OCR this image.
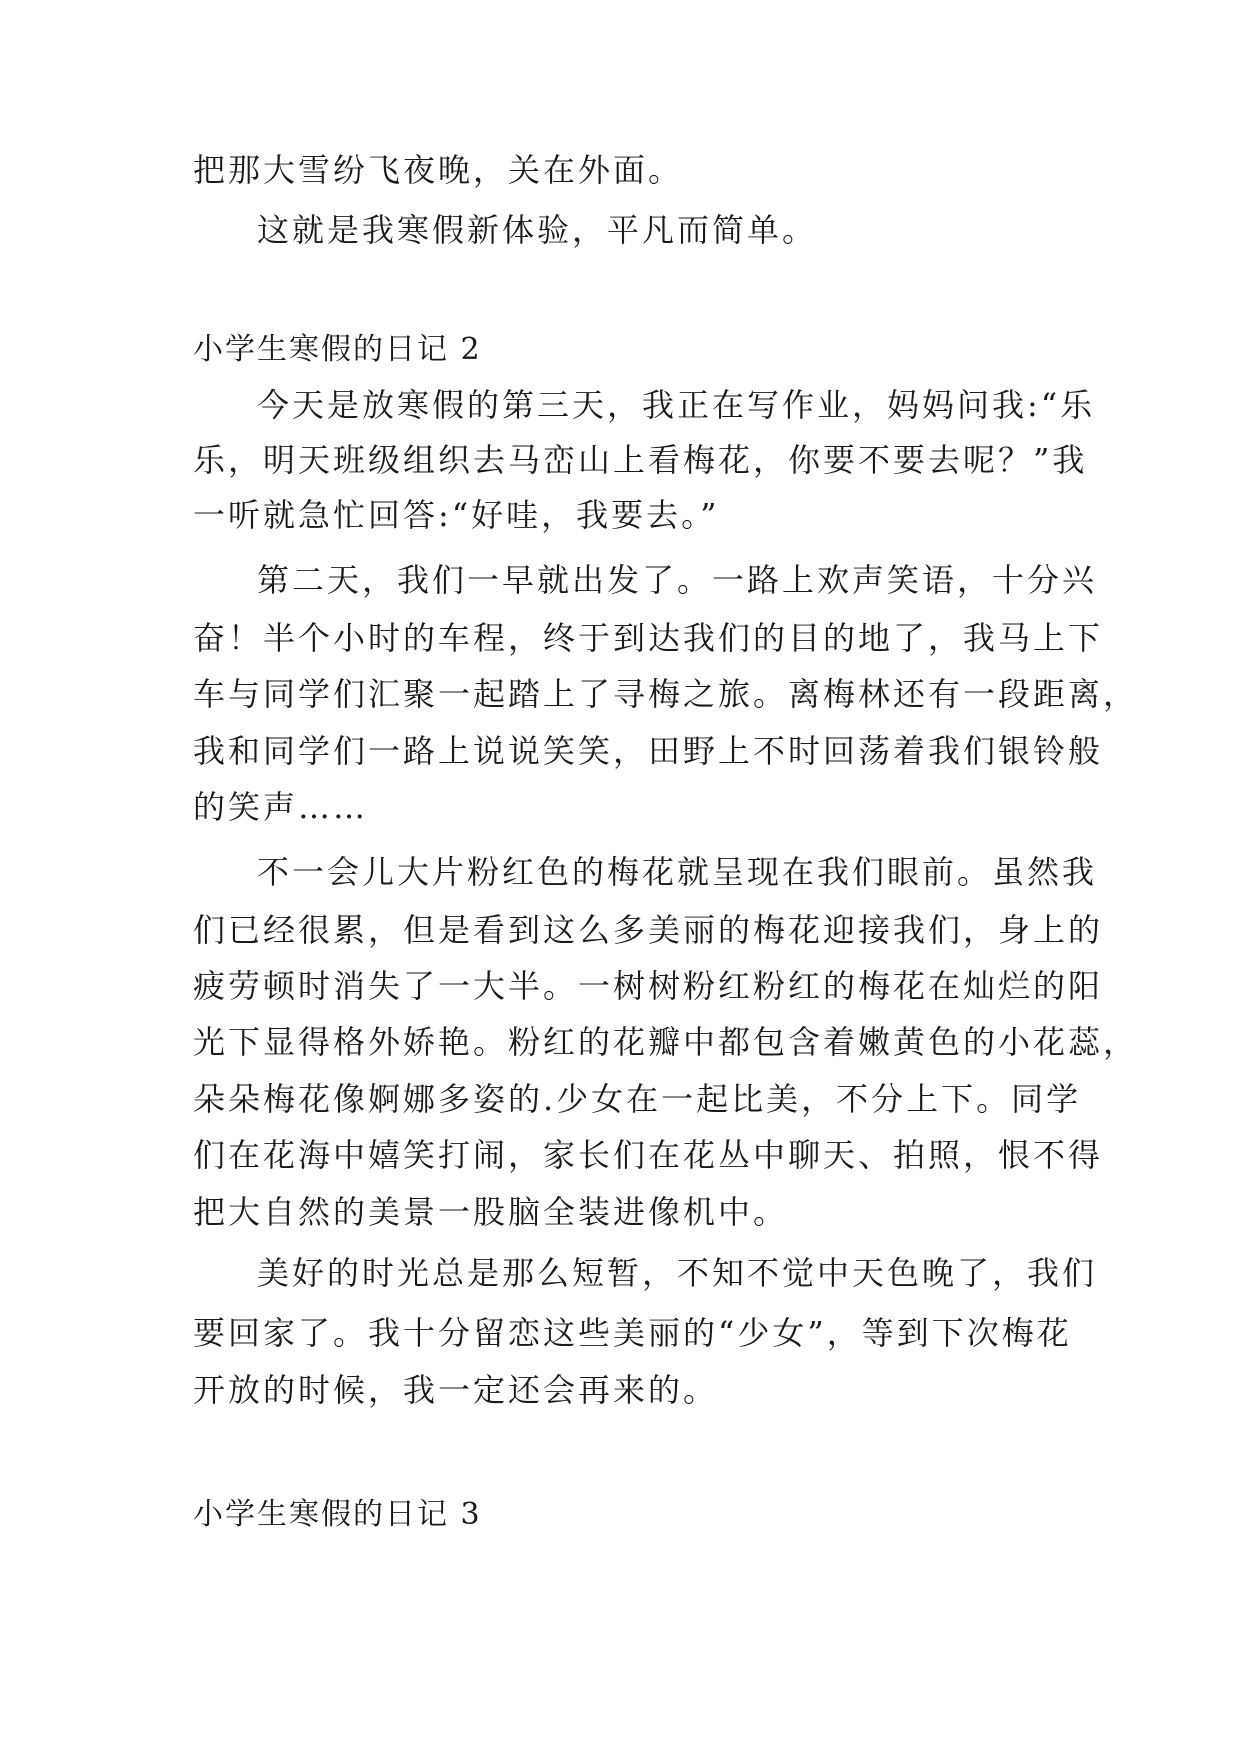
把那大雪纷飞夜晚，关在外面。
这就是我寒假新体验，平凡而简单。
小学生寒假的日记 2
今天是放寒假的第三天，我正在写作业，妈妈问我:“乐
乐，明天班级组织去马峦山上看梅花，你要不要去呢？”我
一听就急忙回答:“好哇，我要去。”
第二天，我们一早就出发了。一路上欢声笑语，十分兴
奋！半个小时的车程，终于到达我们的目的地了，我马上下
车与同学们汇聚一起踏上了寻梅之旅。离梅林还有一段距离，
我和同学们一路上说说笑笑，田野上不时回荡着我们银铃般
的笑声……
不一会儿大片粉红色的梅花就呈现在我们眼前。虽然我
们已经很累，但是看到这么多美丽的梅花迎接我们，身上的
疲劳顿时消失了一大半。一树树粉红粉红的梅花在灿烂的阳
光下显得格外娇艳。粉红的花瓣中都包含着嫩黄色的小花蕊，
朵朵梅花像婀娜多姿的.少女在一起比美，不分上下。同学
们在花海中嬉笑打闹，家长们在花丛中聊天、拍照，恨不得
把大自然的美景一股脑全装进像机中。
美好的时光总是那么短暂，不知不觉中天色晚了，我们
要回家了。我十分留恋这些美丽的“少女”，等到下次梅花
开放的时候，我一定还会再来的。
小学生寒假的日记 3
